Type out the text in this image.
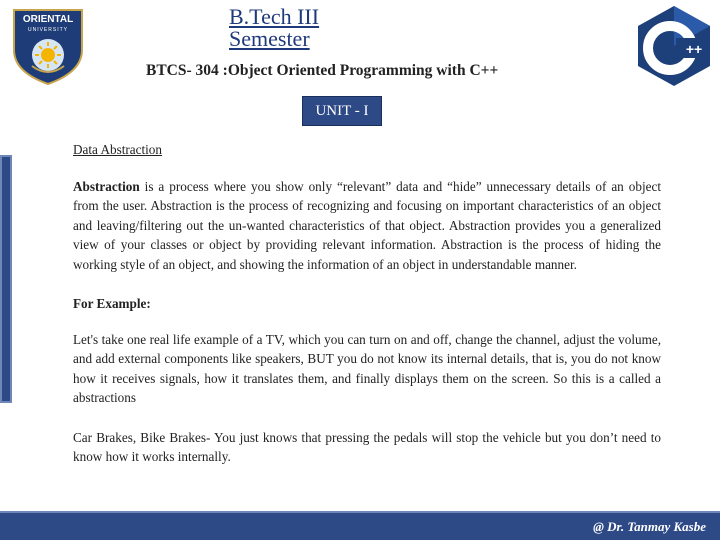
ORIENTAL
UNIVERSITY
B.Tech III Semester
BTCS- 304 :Object Oriented Programming with C++
++
UNIT - I

Data Abstraction

Abstraction is a process where you show only “relevant” data and “hide” unnecessary details of an object from the user. Abstraction is the process of recognizing and focusing on important characteristics of an object and leaving/filtering out the un-wanted characteristics of that object. Abstraction provides you a generalized view of your classes or object by providing relevant information. Abstraction is the process of hiding the working style of an object, and showing the information of an object in understandable manner.

For Example:

Let's take one real life example of a TV, which you can turn on and off, change the channel, adjust the volume, and add external components like speakers, BUT you do not know its internal details, that is, you do not know how it receives signals, how it translates them, and finally displays them on the screen. So this is a called a abstractions

Car Brakes, Bike Brakes- You just knows that pressing the pedals will stop the vehicle but you don’t need to know how it works internally.

@ Dr. Tanmay Kasbe
